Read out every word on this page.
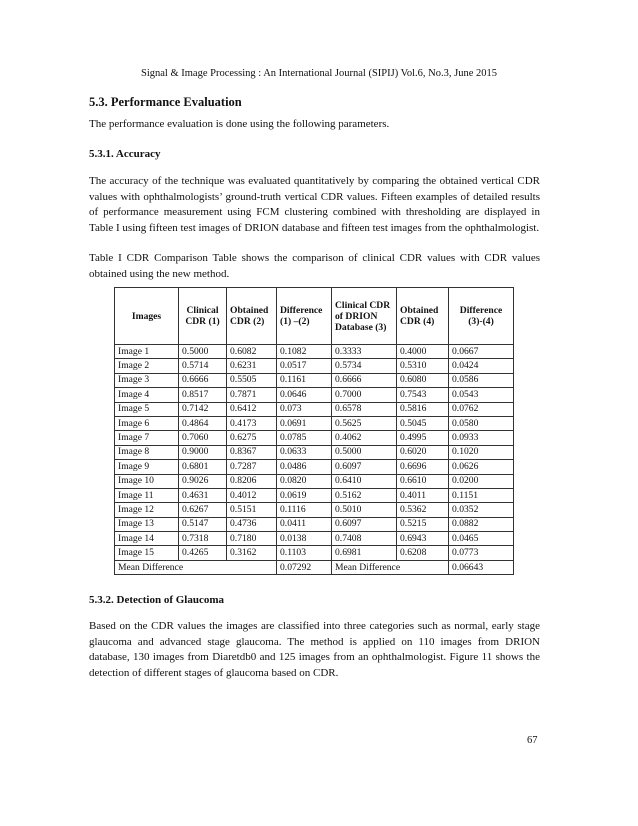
Signal & Image Processing : An International Journal (SIPIJ) Vol.6, No.3, June 2015
5.3. Performance Evaluation

The performance evaluation is done using the following parameters.

5.3.1. Accuracy

The accuracy of the technique was evaluated quantitatively by comparing the obtained vertical CDR values with ophthalmologists’ ground-truth vertical CDR values. Fifteen examples of detailed results of performance measurement using FCM clustering combined with thresholding are displayed in Table I using fifteen test images of DRION database and fifteen test images from the ophthalmologist.

Table I CDR Comparison Table shows the comparison of clinical CDR values with CDR values obtained using the new method.

Images	Clinical CDR (1)	Obtained CDR (2)	Difference (1) –(2)	Clinical CDR of DRION Database (3)	Obtained CDR (4)	Difference (3)-(4)
Image 1	0.5000	0.6082	0.1082	0.3333	0.4000	0.0667
Image 2	0.5714	0.6231	0.0517	0.5734	0.5310	0.0424
Image 3	0.6666	0.5505	0.1161	0.6666	0.6080	0.0586
Image 4	0.8517	0.7871	0.0646	0.7000	0.7543	0.0543
Image 5	0.7142	0.6412	0.073	0.6578	0.5816	0.0762
Image 6	0.4864	0.4173	0.0691	0.5625	0.5045	0.0580
Image 7	0.7060	0.6275	0.0785	0.4062	0.4995	0.0933
Image 8	0.9000	0.8367	0.0633	0.5000	0.6020	0.1020
Image 9	0.6801	0.7287	0.0486	0.6097	0.6696	0.0626
Image 10	0.9026	0.8206	0.0820	0.6410	0.6610	0.0200
Image 11	0.4631	0.4012	0.0619	0.5162	0.4011	0.1151
Image 12	0.6267	0.5151	0.1116	0.5010	0.5362	0.0352
Image 13	0.5147	0.4736	0.0411	0.6097	0.5215	0.0882
Image 14	0.7318	0.7180	0.0138	0.7408	0.6943	0.0465
Image 15	0.4265	0.3162	0.1103	0.6981	0.6208	0.0773
Mean Difference			0.07292	Mean Difference		0.06643
5.3.2. Detection of Glaucoma

Based on the CDR values the images are classified into three categories such as normal, early stage glaucoma and advanced stage glaucoma. The method is applied on 110 images from DRION database, 130 images from Diaretdb0 and 125 images from an ophthalmologist. Figure 11 shows the detection of different stages of glaucoma based on CDR.

67
